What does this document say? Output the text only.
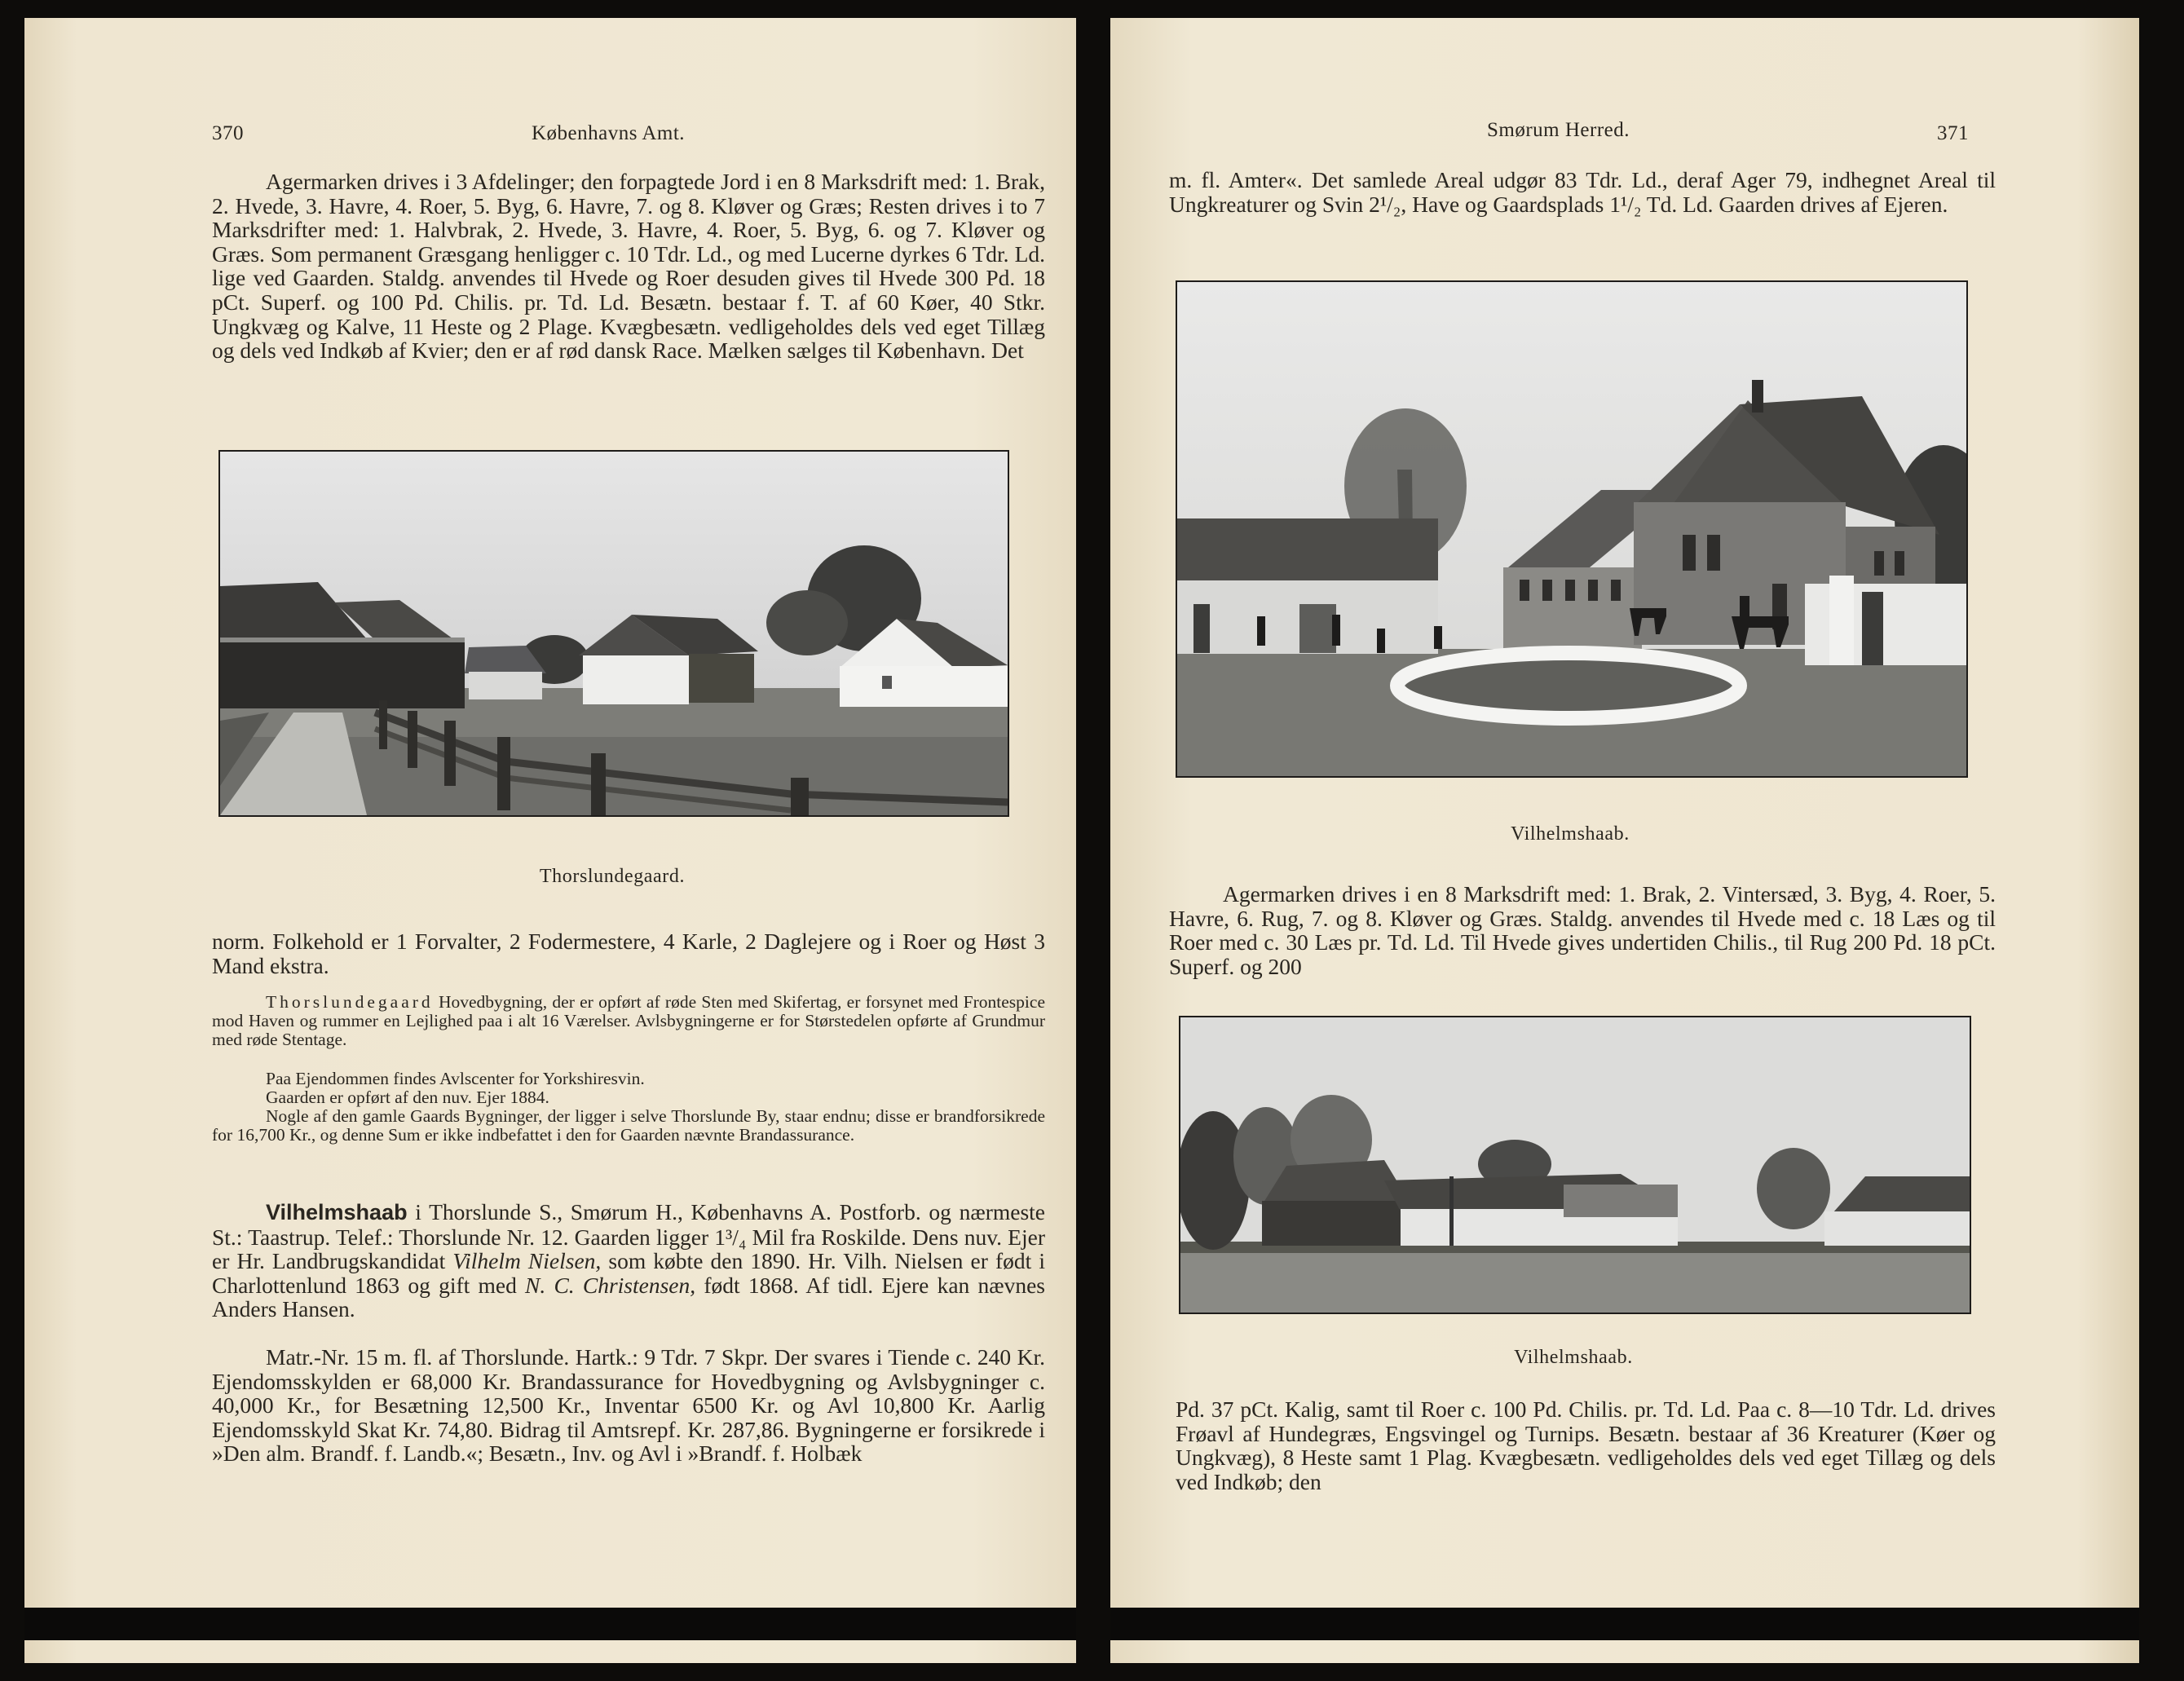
370	Københavns Amt.

Agermarken drives i 3 Afdelinger; den forpagtede Jord i en 8 Marksdrift med: 1. Brak, 2. Hvede, 3. Havre, 4. Roer, 5. Byg, 6. Havre, 7. og 8. Kløver og Græs; Resten drives i to 7 Marksdrifter med: 1. Halvbrak, 2. Hvede, 3. Havre, 4. Roer, 5. Byg, 6. og 7. Kløver og Græs. Som permanent Græsgang henligger c. 10 Tdr. Ld., og med Lucerne dyrkes 6 Tdr. Ld. lige ved Gaarden. Staldg. anvendes til Hvede og Roer desuden gives til Hvede 300 Pd. 18 pCt. Superf. og 100 Pd. Chilis. pr. Td. Ld. Besætn. bestaar f. T. af 60 Køer, 40 Stkr. Ungkvæg og Kalve, 11 Heste og 2 Plage. Kvægbesætn. vedligeholdes dels ved eget Tillæg og dels ved Indkøb af Kvier; den er af rød dansk Race. Mælken sælges til København. Det

Thorslundegaard.

norm. Folkehold er 1 Forvalter, 2 Fodermestere, 4 Karle, 2 Daglejere og i Roer og Høst 3 Mand ekstra.

Thorslundegaard Hovedbygning, der er opført af røde Sten med Skifertag, er forsynet med Frontespice mod Haven og rummer en Lejlighed paa i alt 16 Værelser. Avlsbygningerne er for Størstedelen opførte af Grundmur med røde Stentage.

Paa Ejendommen findes Avlscenter for Yorkshiresvin.

Gaarden er opført af den nuv. Ejer 1884.

Nogle af den gamle Gaards Bygninger, der ligger i selve Thorslunde By, staar endnu; disse er brandforsikrede for 16,700 Kr., og denne Sum er ikke indbefattet i den for Gaarden nævnte Brandassurance.

Vilhelmshaab i Thorslunde S., Smørum H., Københavns A. Postforb. og nærmeste St.: Taastrup. Telef.: Thorslunde Nr. 12. Gaarden ligger 1³/₄ Mil fra Roskilde. Dens nuv. Ejer er Hr. Landbrugskandidat Vilhelm Nielsen, som købte den 1890. Hr. Vilh. Nielsen er født i Charlottenlund 1863 og gift med N. C. Christensen, født 1868. Af tidl. Ejere kan nævnes Anders Hansen.

Matr.-Nr. 15 m. fl. af Thorslunde. Hartk.: 9 Tdr. 7 Skpr. Der svares i Tiende c. 240 Kr. Ejendomsskylden er 68,000 Kr. Brandassurance for Hovedbygning og Avlsbygninger c. 40,000 Kr., for Besætning 12,500 Kr., Inventar 6500 Kr. og Avl 10,800 Kr. Aarlig Ejendomsskyld Skat Kr. 74,80. Bidrag til Amtsrepf. Kr. 287,86. Bygningerne er forsikrede i »Den alm. Brandf. f. Landb.«; Besætn., Inv. og Avl i »Brandf. f. Holbæk

Smørum Herred.	371

m. fl. Amter«. Det samlede Areal udgør 83 Tdr. Ld., deraf Ager 79, indhegnet Areal til Ungkreaturer og Svin 2¹/₂, Have og Gaardsplads 1¹/₂ Td. Ld. Gaarden drives af Ejeren.

Vilhelmshaab.

Agermarken drives i en 8 Marksdrift med: 1. Brak, 2. Vintersæd, 3. Byg, 4. Roer, 5. Havre, 6. Rug, 7. og 8. Kløver og Græs. Staldg. anvendes til Hvede med c. 18 Læs og til Roer med c. 30 Læs pr. Td. Ld. Til Hvede gives undertiden Chilis., til Rug 200 Pd. 18 pCt. Superf. og 200

Vilhelmshaab.

Pd. 37 pCt. Kalig, samt til Roer c. 100 Pd. Chilis. pr. Td. Ld. Paa c. 8—10 Tdr. Ld. drives Frøavl af Hundegræs, Engsvingel og Turnips. Besætn. bestaar af 36 Kreaturer (Køer og Ungkvæg), 8 Heste samt 1 Plag. Kvægbesætn. vedligeholdes dels ved eget Tillæg og dels ved Indkøb; den
